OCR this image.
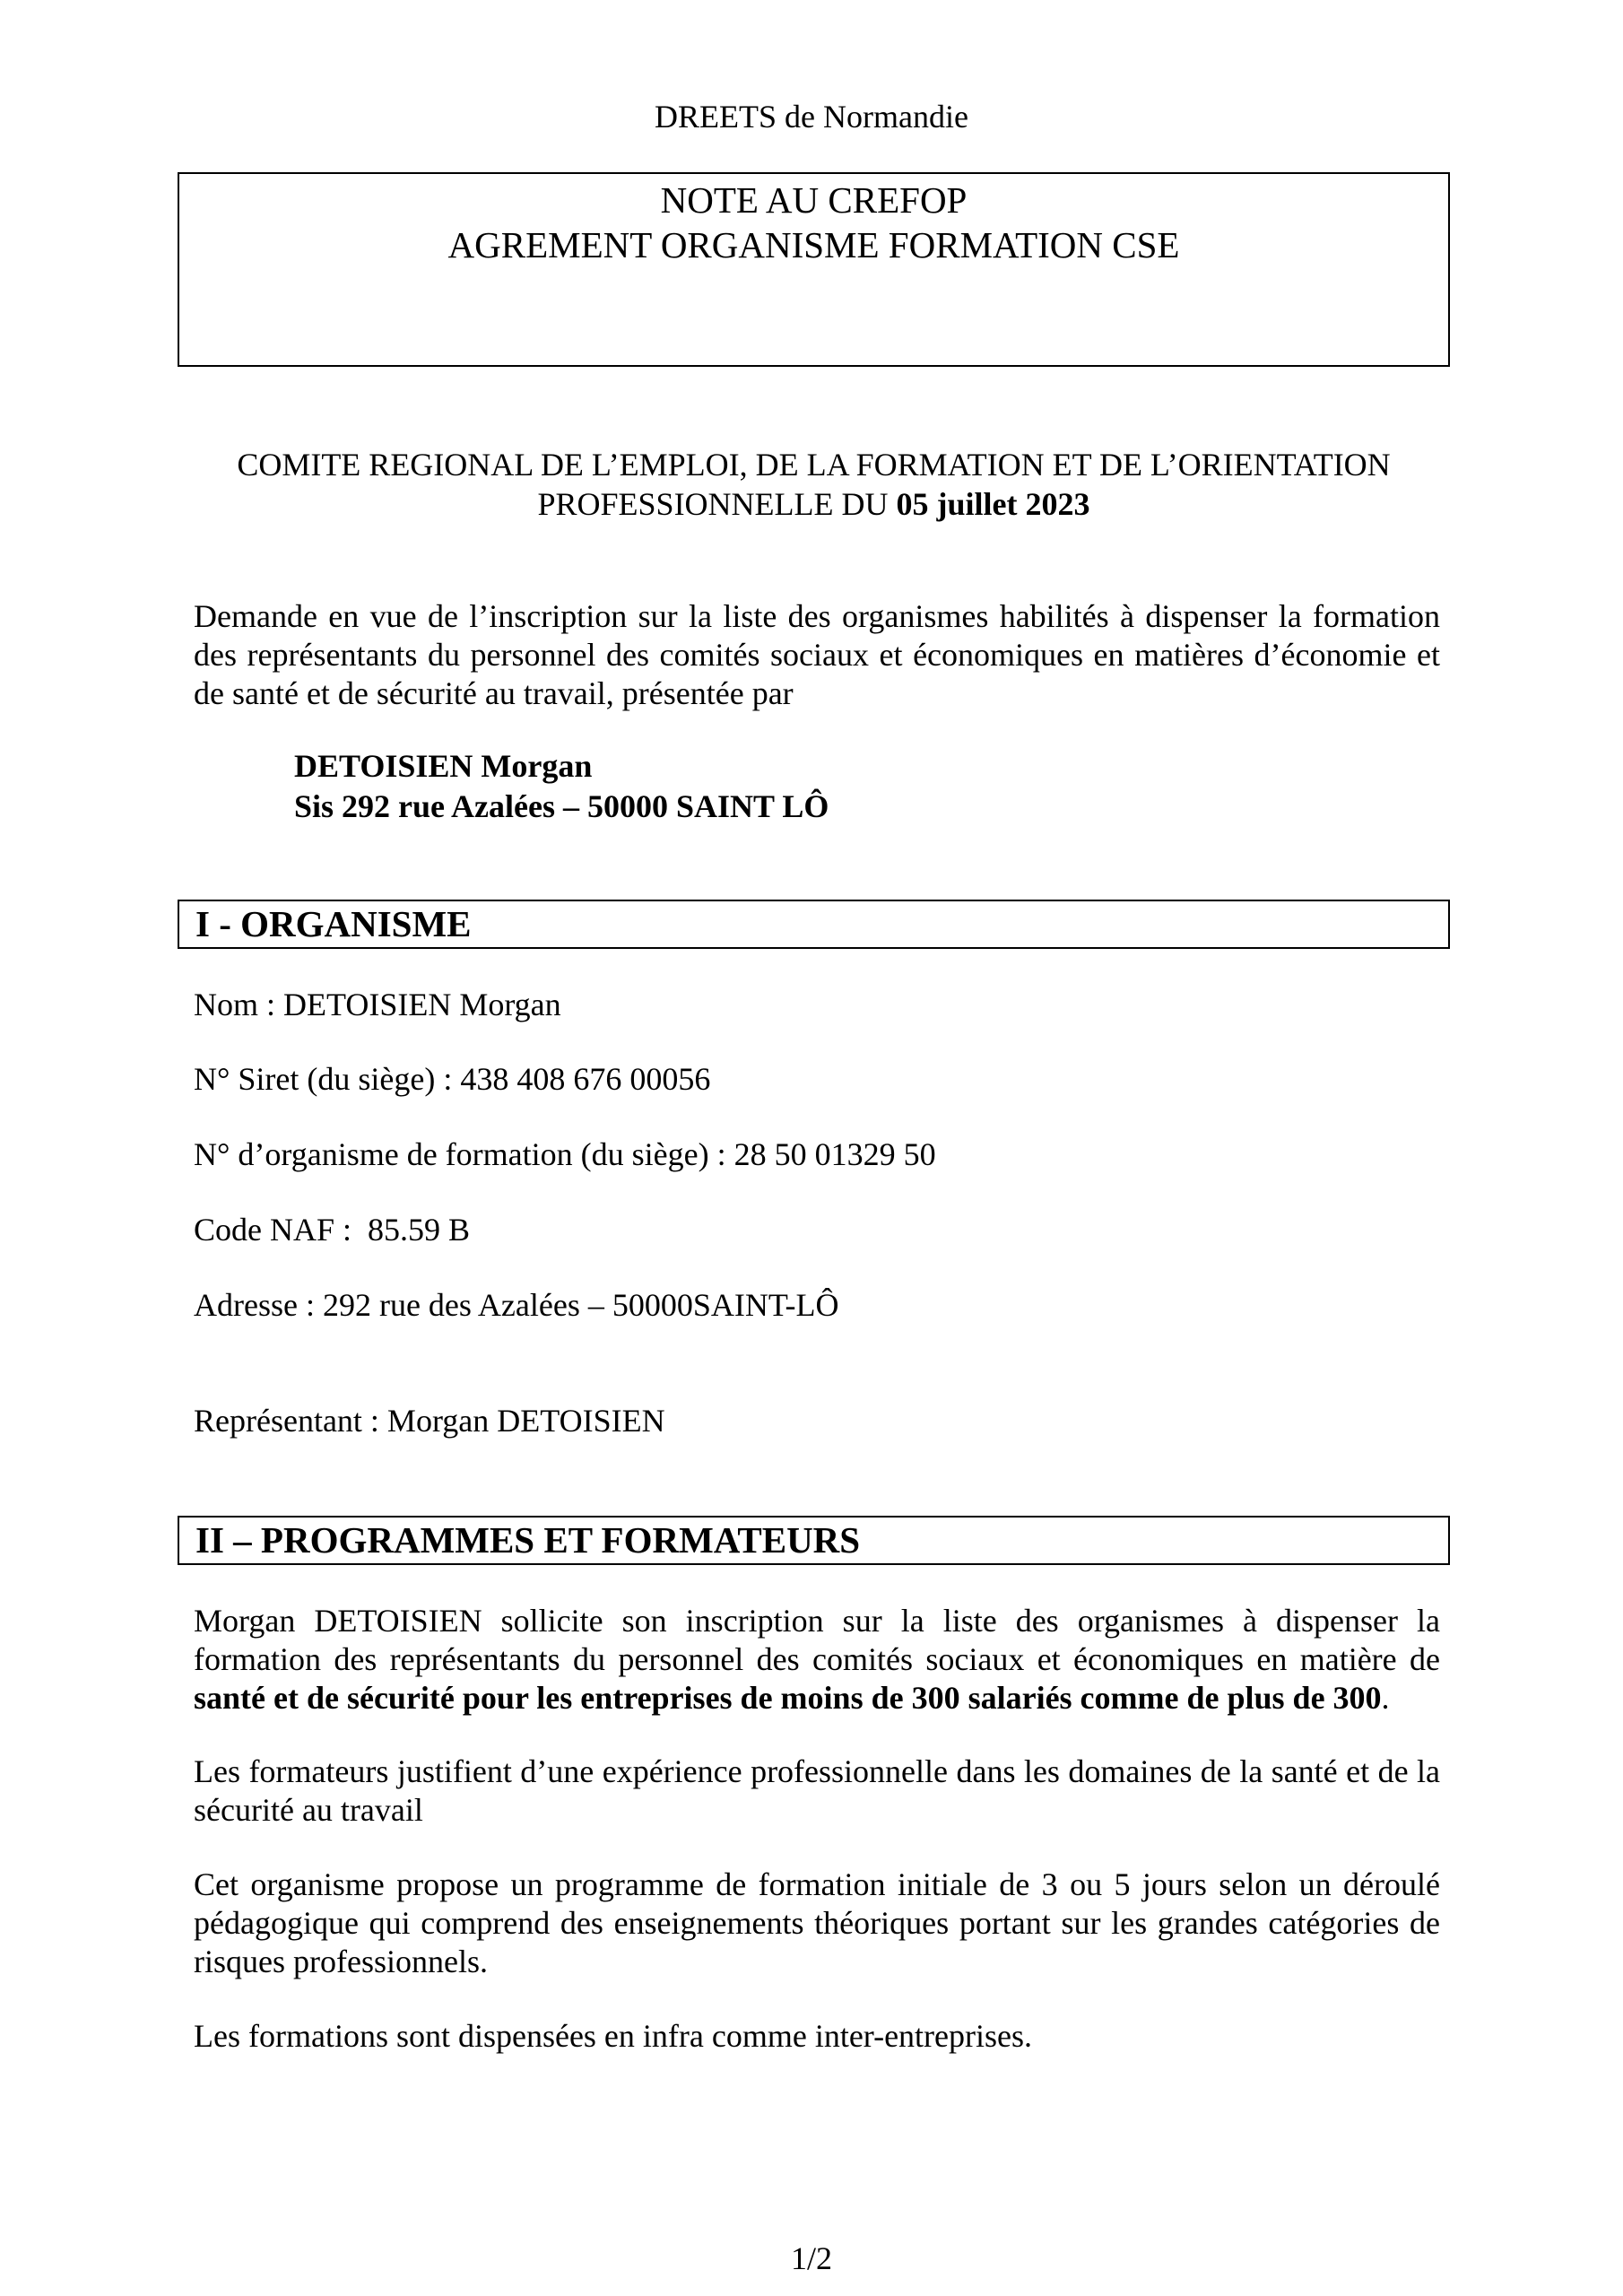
DREETS de Normandie
NOTE AU CREFOP
AGREMENT ORGANISME FORMATION CSE
COMITE REGIONAL DE L’EMPLOI, DE LA FORMATION ET DE L’ORIENTATION
PROFESSIONNELLE DU 05 juillet 2023
Demande en vue de l’inscription sur la liste des organismes habilités à dispenser la formation des représentants du personnel des comités sociaux et économiques en matières d’économie et de santé et de sécurité au travail, présentée par
DETOISIEN Morgan
Sis 292 rue Azalées – 50000 SAINT LÔ
I - ORGANISME
Nom : DETOISIEN Morgan
N° Siret (du siège) : 438 408 676 00056
N° d’organisme de formation (du siège) : 28 50 01329 50
Code NAF :  85.59 B
Adresse : 292 rue des Azalées – 50000SAINT-LÔ
Représentant : Morgan DETOISIEN
II – PROGRAMMES ET FORMATEURS
Morgan DETOISIEN sollicite son inscription sur la liste des organismes à dispenser la formation des représentants du personnel des comités sociaux et économiques en matière de santé et de sécurité pour les entreprises de moins de 300 salariés comme de plus de 300.
Les formateurs justifient d’une expérience professionnelle dans les domaines de la santé et de la sécurité au travail
Cet organisme propose un programme de formation initiale de 3 ou 5 jours selon un déroulé pédagogique qui comprend des enseignements théoriques portant sur les grandes catégories de risques professionnels.
Les formations sont dispensées en infra comme inter-entreprises.
1/2
